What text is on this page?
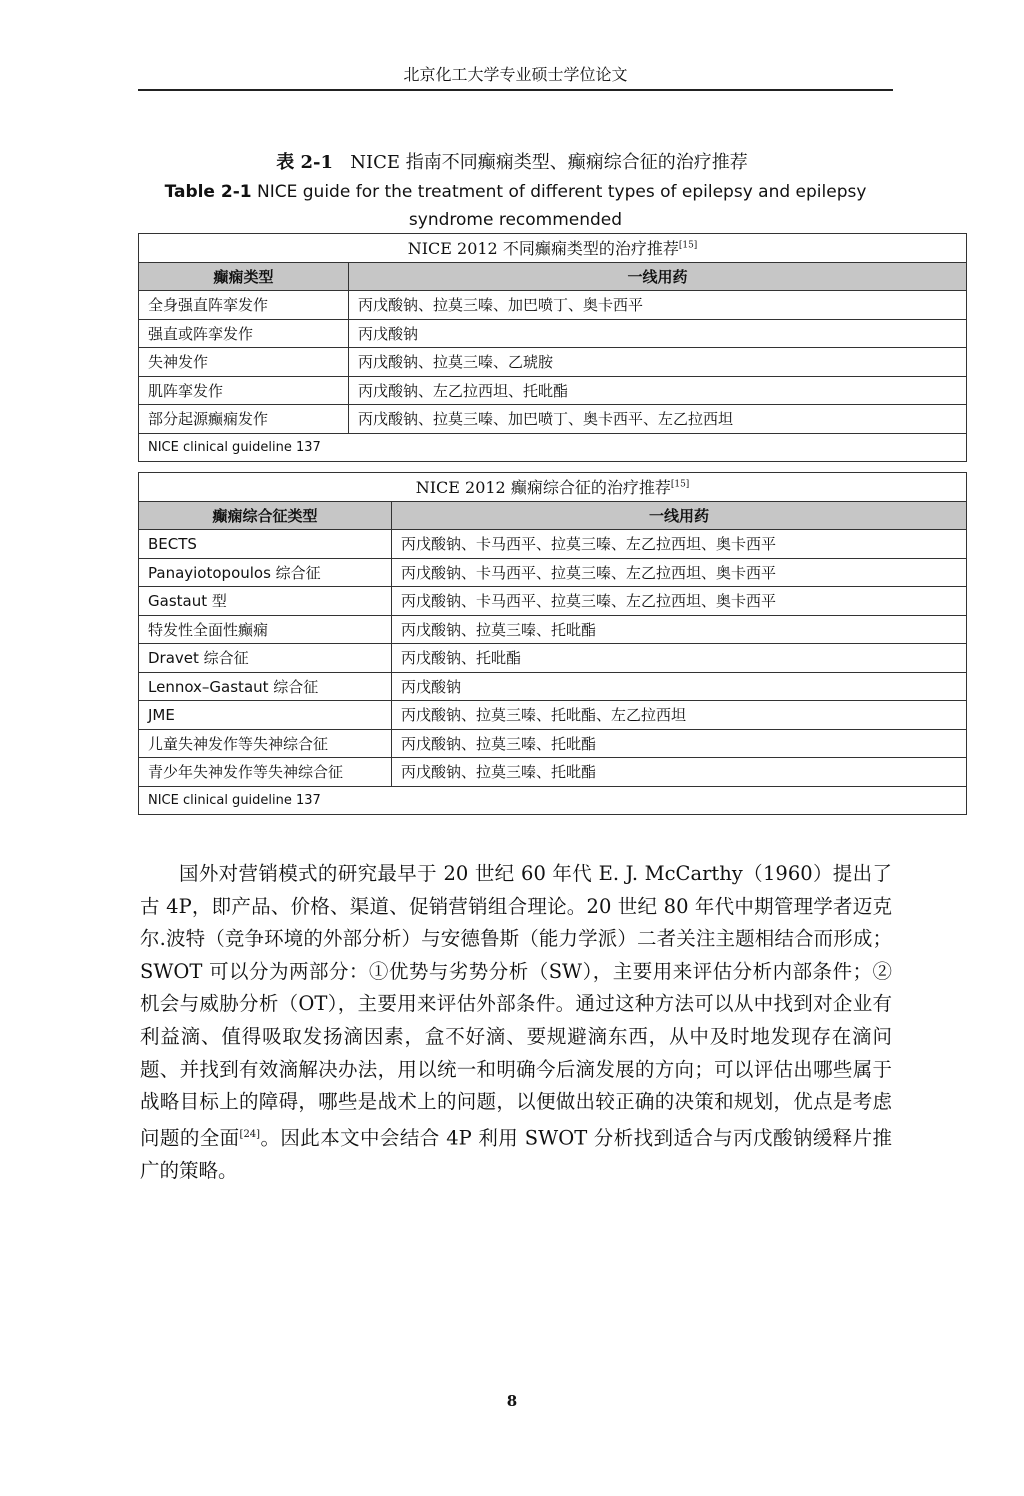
北京化工大学专业硕士学位论文
表 2-1 NICE 指南不同癫痫类型、癫痫综合征的治疗推荐
Table 2-1 NICE guide for the treatment of different types of epilepsy and epilepsy syndrome recommended
NICE 2012 不同癫痫类型的治疗推荐[15]
癫痫类型	一线用药
全身强直阵挛发作	丙戊酸钠、拉莫三嗪、加巴喷丁、奥卡西平
强直或阵挛发作	丙戊酸钠
失神发作	丙戊酸钠、拉莫三嗪、乙琥胺
肌阵挛发作	丙戊酸钠、左乙拉西坦、托吡酯
部分起源癫痫发作	丙戊酸钠、拉莫三嗪、加巴喷丁、奥卡西平、左乙拉西坦
NICE clinical guideline 137	
NICE 2012 癫痫综合征的治疗推荐[15]
癫痫综合征类型	一线用药
BECTS	丙戊酸钠、卡马西平、拉莫三嗪、左乙拉西坦、奥卡西平
Panayiotopoulos 综合征	丙戊酸钠、卡马西平、拉莫三嗪、左乙拉西坦、奥卡西平
Gastaut 型	丙戊酸钠、卡马西平、拉莫三嗪、左乙拉西坦、奥卡西平
特发性全面性癫痫	丙戊酸钠、拉莫三嗪、托吡酯
Dravet 综合征	丙戊酸钠、托吡酯
Lennox–Gastaut 综合征	丙戊酸钠
JME	丙戊酸钠、拉莫三嗪、托吡酯、左乙拉西坦
儿童失神发作等失神综合征	丙戊酸钠、拉莫三嗪、托吡酯
青少年失神发作等失神综合征	丙戊酸钠、拉莫三嗪、托吡酯
NICE clinical guideline 137	
国外对营销模式的研究最早于 20 世纪 60 年代 E. J. McCarthy（1960）提出了古 4P，即产品、价格、渠道、促销营销组合理论。20 世纪 80 年代中期管理学者迈克尔.波特（竞争环境的外部分析）与安德鲁斯（能力学派）二者关注主题相结合而形成；SWOT 可以分为两部分：①优势与劣势分析（SW），主要用来评估分析内部条件；②机会与威胁分析（OT），主要用来评估外部条件。通过这种方法可以从中找到对企业有利益滴、值得吸取发扬滴因素，盒不好滴、要规避滴东西，从中及时地发现存在滴问题、并找到有效滴解决办法，用以统一和明确今后滴发展的方向；可以评估出哪些属于战略目标上的障碍，哪些是战术上的问题，以便做出较正确的决策和规划，优点是考虑问题的全面[24]。因此本文中会结合 4P 利用 SWOT 分析找到适合与丙戊酸钠缓释片推广的策略。
8
